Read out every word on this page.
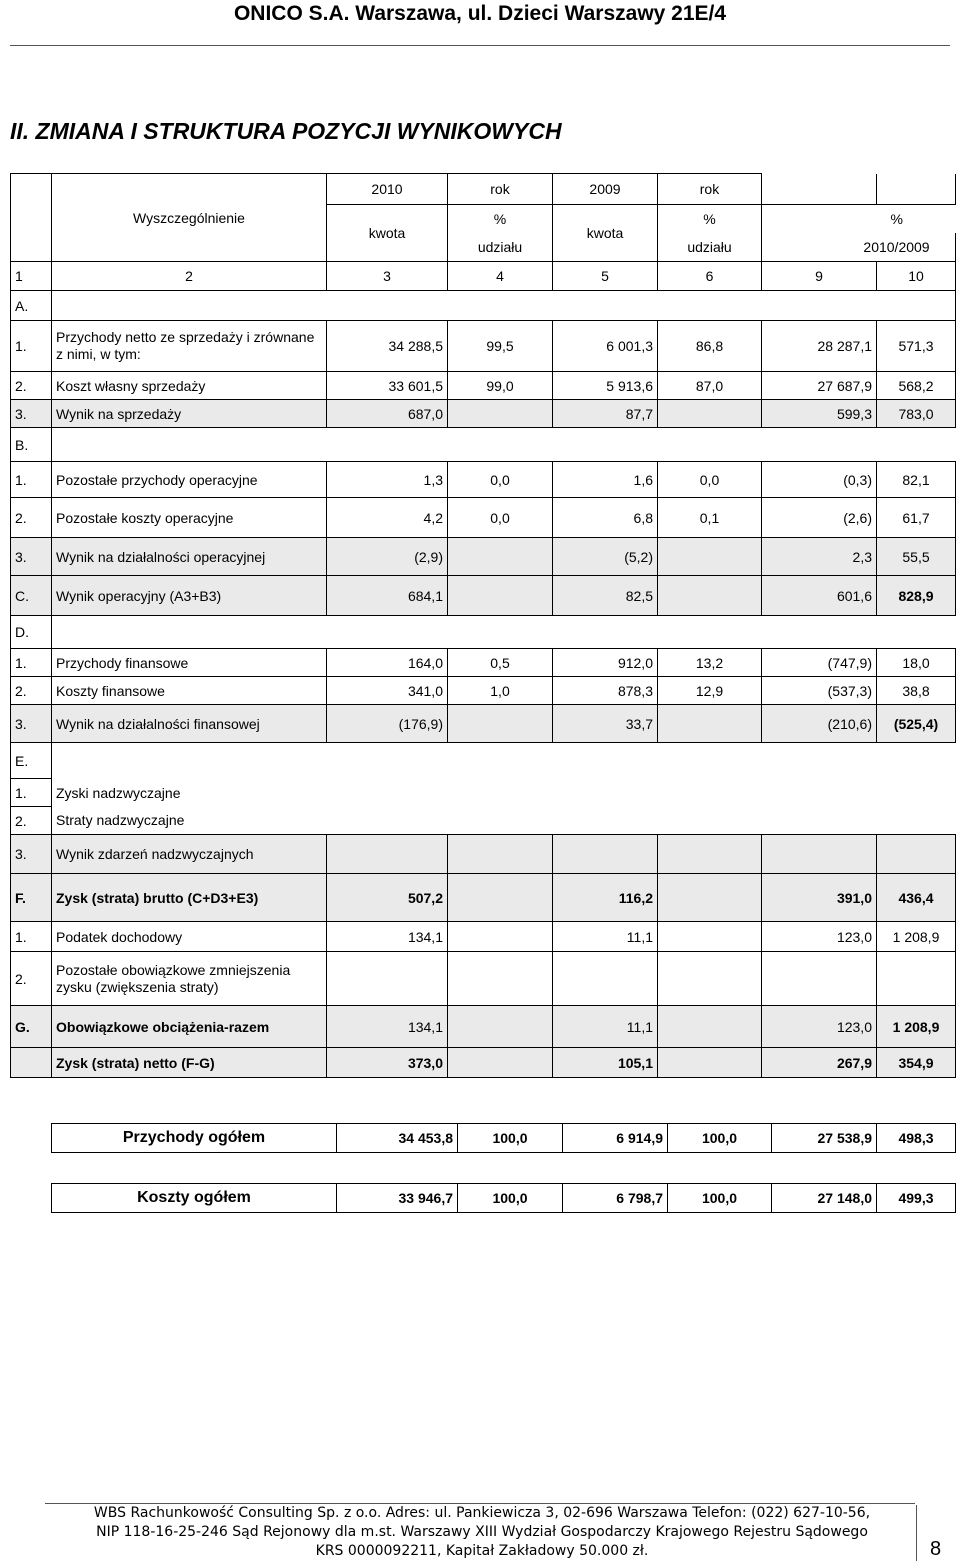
ONICO S.A. Warszawa, ul. Dzieci Warszawy 21E/4
II. ZMIANA I STRUKTURA POZYCJI WYNIKOWYCH
	Wyszczególnienie	2010	rok	2009	rok		
		kwota	%	kwota	%	%	
			udziału		udziału	2010/2009	
1	2	3	4	5	6	9	10
A.							
1.	Przychody netto ze sprzedaży i zrównane z nimi, w tym:	34 288,5	99,5	6 001,3	86,8	28 287,1	571,3
2.	Koszt własny sprzedaży	33 601,5	99,0	5 913,6	87,0	27 687,9	568,2
3.	Wynik na sprzedaży	687,0		87,7		599,3	783,0
B.							
1.	Pozostałe przychody operacyjne	1,3	0,0	1,6	0,0	(0,3)	82,1
2.	Pozostałe koszty operacyjne	4,2	0,0	6,8	0,1	(2,6)	61,7
3.	Wynik na działalności operacyjnej	(2,9)		(5,2)		2,3	55,5
C.	Wynik operacyjny (A3+B3)	684,1		82,5		601,6	828,9
D.							
1.	Przychody finansowe	164,0	0,5	912,0	13,2	(747,9)	18,0
2.	Koszty finansowe	341,0	1,0	878,3	12,9	(537,3)	38,8
3.	Wynik na działalności finansowej	(176,9)		33,7		(210,6)	(525,4)
E.							
1.	Zyski nadzwyczajne						
2.	Straty nadzwyczajne						
3.	Wynik zdarzeń nadzwyczajnych						
F.	Zysk (strata) brutto (C+D3+E3)	507,2		116,2		391,0	436,4
1.	Podatek dochodowy	134,1		11,1		123,0	1 208,9
2.	Pozostałe obowiązkowe zmniejszenia zysku (zwiększenia straty)						
G.	Obowiązkowe obciążenia-razem	134,1		11,1		123,0	1 208,9
	Zysk (strata) netto (F-G)	373,0		105,1		267,9	354,9
Przychody ogółem	34 453,8	100,0	6 914,9	100,0	27 538,9	498,3
Koszty ogółem	33 946,7	100,0	6 798,7	100,0	27 148,0	499,3
WBS Rachunkowość Consulting Sp. z o.o. Adres: ul. Pankiewicza 3, 02-696 Warszawa Telefon: (022) 627-10-56,
NIP 118-16-25-246 Sąd Rejonowy dla m.st. Warszawy XIII Wydział Gospodarczy Krajowego Rejestru Sądowego
KRS 0000092211, Kapitał Zakładowy 50.000 zł.	8
